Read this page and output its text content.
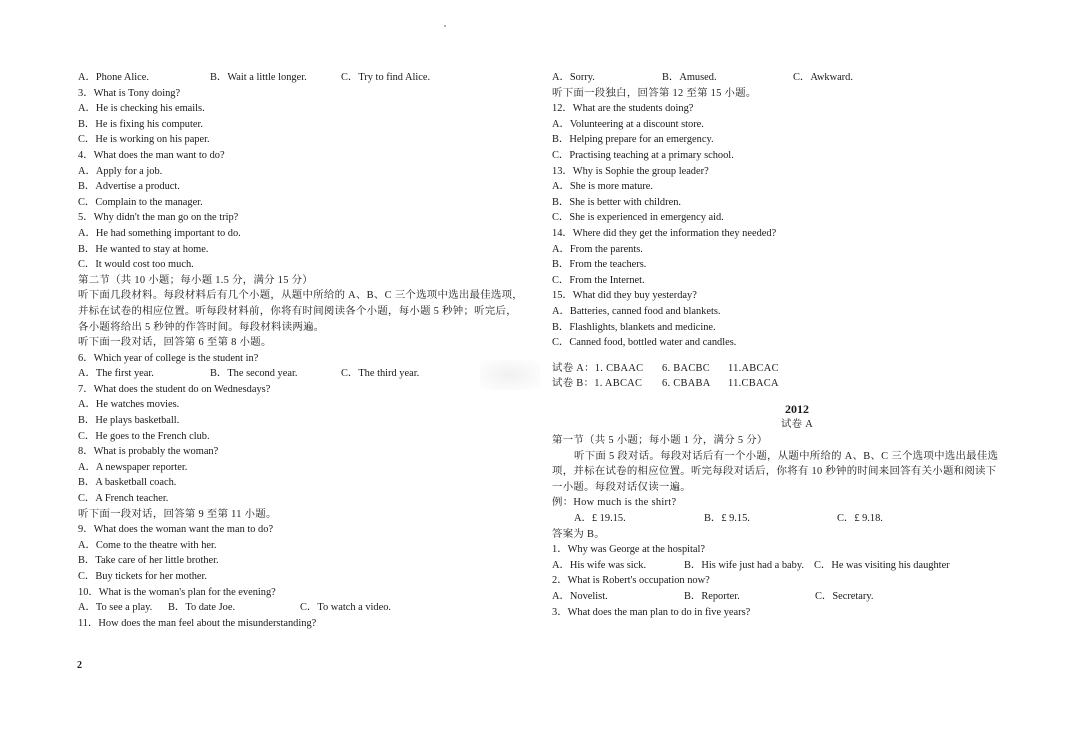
A．Phone Alice.	B．Wait a little longer.	C．Try to find Alice.
3．What is Tony doing?
A．He is checking his emails.
B．He is fixing his computer.
C．He is working on his paper.
4．What does the man want to do?
A．Apply for a job.
B．Advertise a product.
C．Complain to the manager.
5．Why didn't the man go on the trip?
A．He had something important to do.
B．He wanted to stay at home.
C．It would cost too much.
第二节（共 10 小题；每小题 1.5 分，满分 15 分）
听下面几段材料。每段材料后有几个小题，从题中所给的 A、B、C 三个选项中选出最佳选项，
并标在试卷的相应位置。听每段材料前，你将有时间阅读各个小题，每小题 5 秒钟；听完后，
各小题将给出 5 秒钟的作答时间。每段材料读两遍。
听下面一段对话，回答第 6 至第 8 小题。
6．Which year of college is the student in?
A．The first year.	B．The second year.	C．The third year.
7．What does the student do on Wednesdays?
A．He watches movies.
B．He plays basketball.
C．He goes to the French club.
8．What is probably the woman?
A．A newspaper reporter.
B．A basketball coach.
C．A French teacher.
听下面一段对话，回答第 9 至第 11 小题。
9．What does the woman want the man to do?
A．Come to the theatre with her.
B．Take care of her little brother.
C．Buy tickets for her mother.
10．What is the woman's plan for the evening?
A．To see a play.	B．To date Joe.	C．To watch a video.
11．How does the man feel about the misunderstanding?
2
A．Sorry.	B．Amused.	C．Awkward.
听下面一段独白，回答第 12 至第 15 小题。
12．What are the students doing?
A．Volunteering at a discount store.
B．Helping prepare for an emergency.
C．Practising teaching at a primary school.
13．Why is Sophie the group leader?
A．She is more mature.
B．She is better with children.
C．She is experienced in emergency aid.
14．Where did they get the information they needed?
A．From the parents.
B．From the teachers.
C．From the Internet.
15．What did they buy yesterday?
A．Batteries, canned food and blankets.
B．Flashlights, blankets and medicine.
C．Canned food, bottled water and candles.
试卷 A：1. CBAAC	6. BACBC	11.ABCAC
试卷 B：1. ABCAC	6. CBABA	11.CBACA
2012
试卷 A
第一节（共 5 小题；每小题 1 分，满分 5 分）
听下面 5 段对话。每段对话后有一个小题，从题中所给的 A、B、C 三个选项中选出最佳选
项，并标在试卷的相应位置。听完每段对话后，你将有 10 秒钟的时间来回答有关小题和阅读下
一小题。每段对话仅读一遍。
例：How much is the shirt?
A．£ 19.15.	B．£ 9.15.	C．£ 9.18.
答案为 B。
1．Why was George at the hospital?
A．His wife was sick.	B．His wife just had a baby. C．He was visiting his daughter
2．What is Robert's occupation now?
A．Novelist.	B．Reporter.	C．Secretary.
3．What does the man plan to do in five years?
